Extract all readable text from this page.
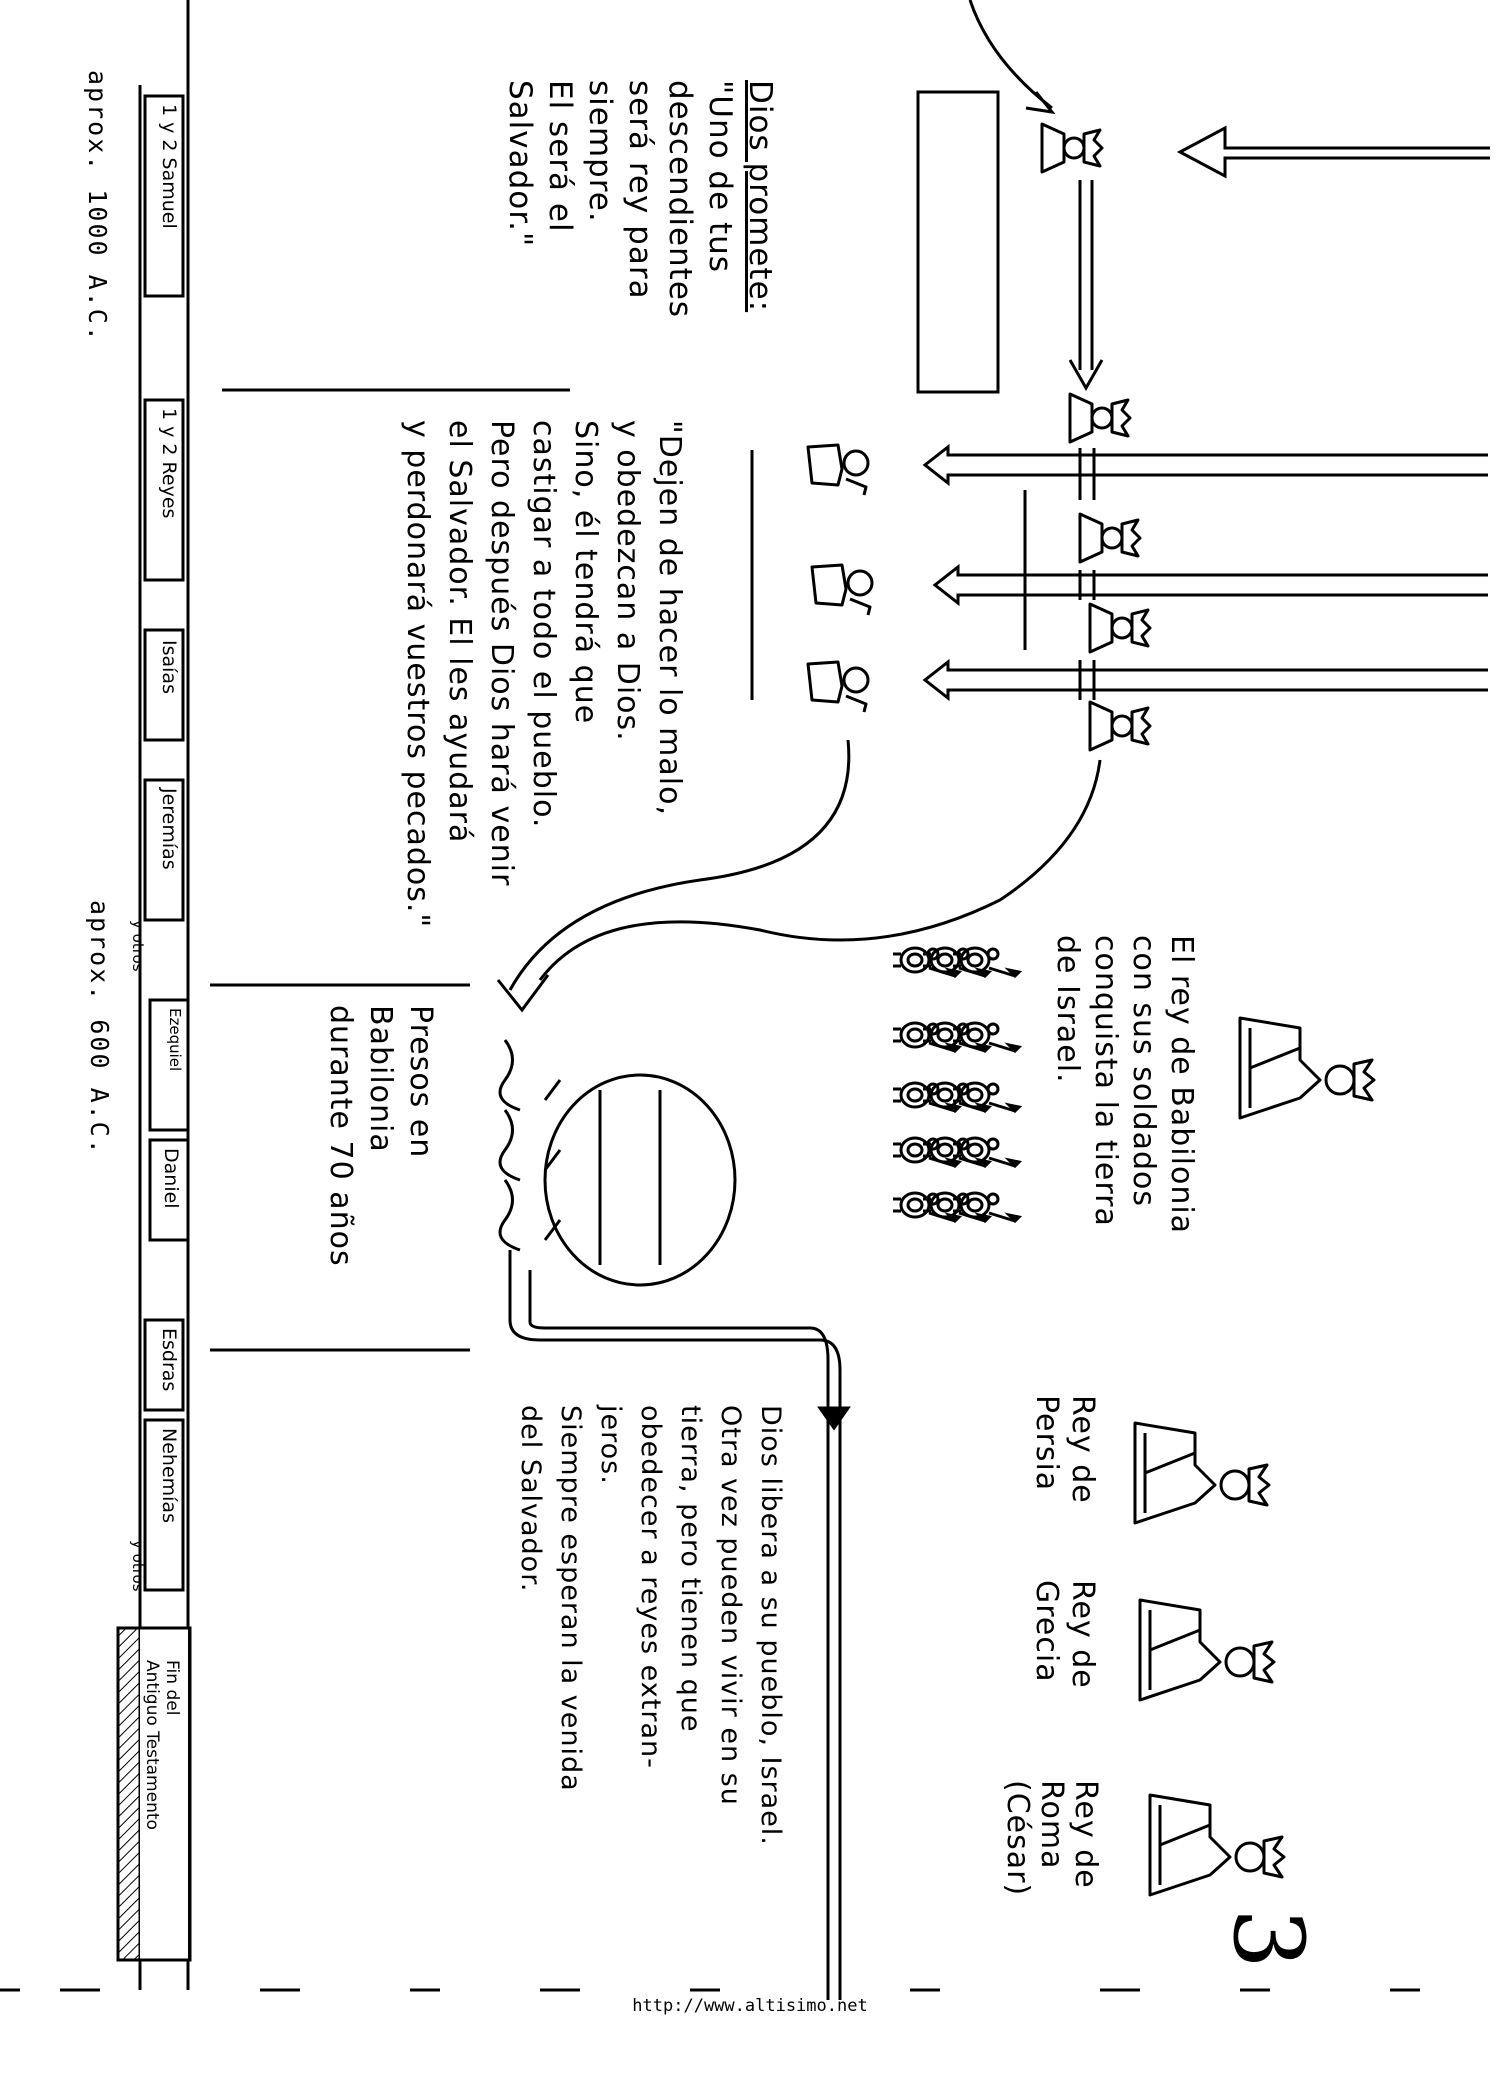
Dios promete:
"Uno de tus
descendientes
será rey para
siempre.
El será el
Salvador."
"Dejen de hacer lo malo,
y obedezcan a Dios.
Sino, él tendrá que
castigar a todo el pueblo.
Pero después Dios hará venir
el Salvador. El les ayudará
y perdonará vuestros pecados."
El rey de Babilonia
con sus soldados
conquista la tierra
de Israel.
Presos en
Babilonia
durante 70 años
Dios libera a su pueblo, Israel.
Otra vez pueden vivir en su
tierra, pero tienen que
obedecer a reyes extran-
jeros.
Siempre esperan la venida
del Salvador.	Rey de
Persia
Rey de
Grecia
Rey de
Roma
(César)
1 y 2 Samuel
1 y 2 Reyes
Isaías
Jeremías
y otros
Ezequiel
Daniel
Esdras
Nehemías
y otros
Fin del
Antiguo Testamento
aprox. 1000 A.C.
aprox. 600 A.C.
3
http://www.altisimo.net
